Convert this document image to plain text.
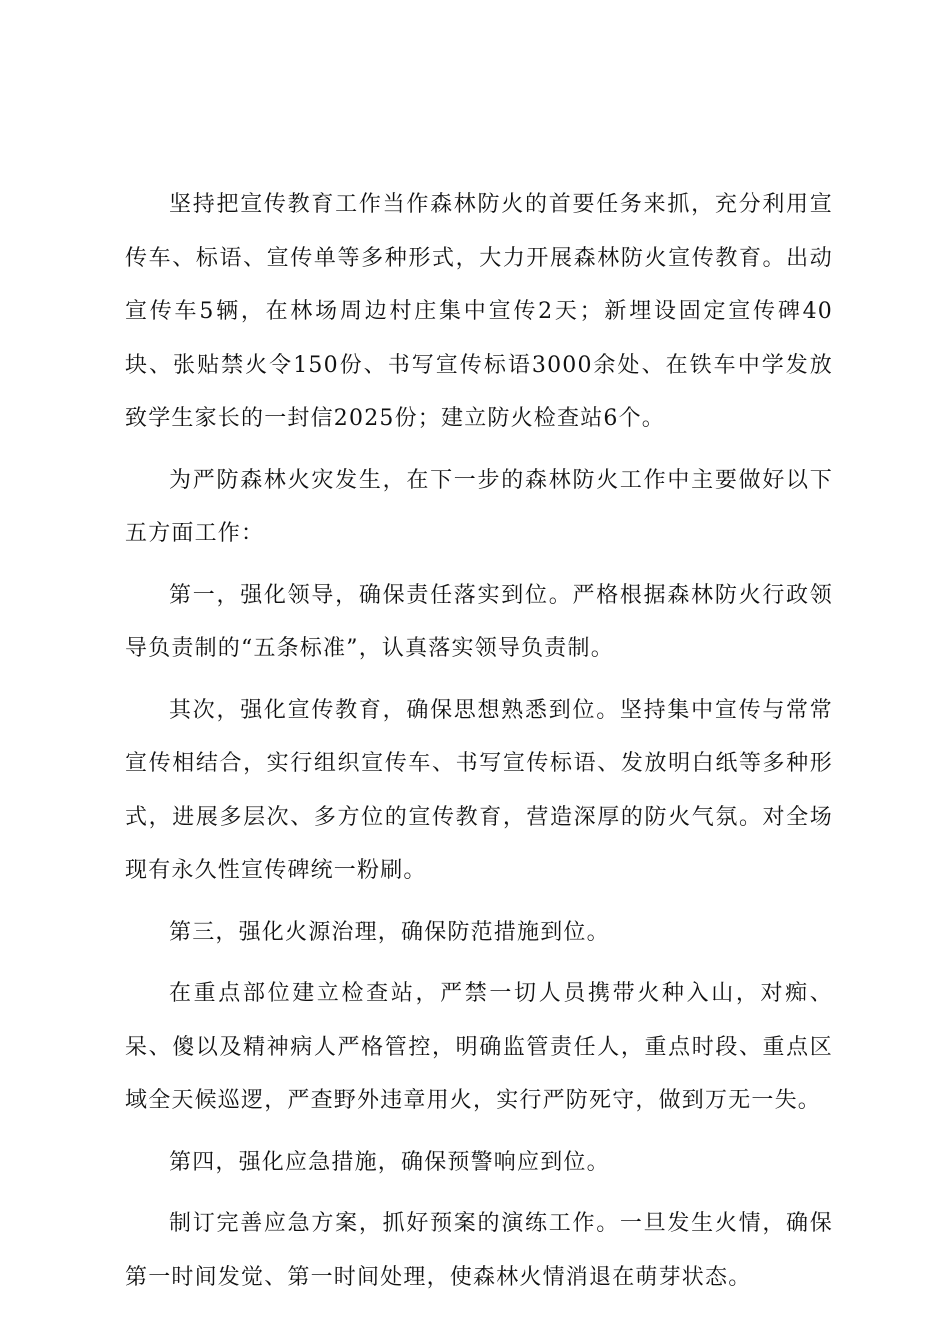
坚持把宣传教育工作当作森林防火的首要任务来抓，充分利用宣传车、标语、宣传单等多种形式，大力开展森林防火宣传教育。出动宣传车5辆，在林场周边村庄集中宣传2天；新埋设固定宣传碑40块、张贴禁火令150份、书写宣传标语3000余处、在铁车中学发放致学生家长的一封信2025份；建立防火检查站6个。

为严防森林火灾发生，在下一步的森林防火工作中主要做好以下五方面工作：

第一，强化领导，确保责任落实到位。严格根据森林防火行政领导负责制的“五条标准”，认真落实领导负责制。

其次，强化宣传教育，确保思想熟悉到位。坚持集中宣传与常常宣传相结合，实行组织宣传车、书写宣传标语、发放明白纸等多种形式，进展多层次、多方位的宣传教育，营造深厚的防火气氛。对全场现有永久性宣传碑统一粉刷。

第三，强化火源治理，确保防范措施到位。

在重点部位建立检查站，严禁一切人员携带火种入山，对痴、呆、傻以及精神病人严格管控，明确监管责任人，重点时段、重点区域全天候巡逻，严查野外违章用火，实行严防死守，做到万无一失。

第四，强化应急措施，确保预警响应到位。

制订完善应急方案，抓好预案的演练工作。一旦发生火情，确保第一时间发觉、第一时间处理，使森林火情消退在萌芽状态。
